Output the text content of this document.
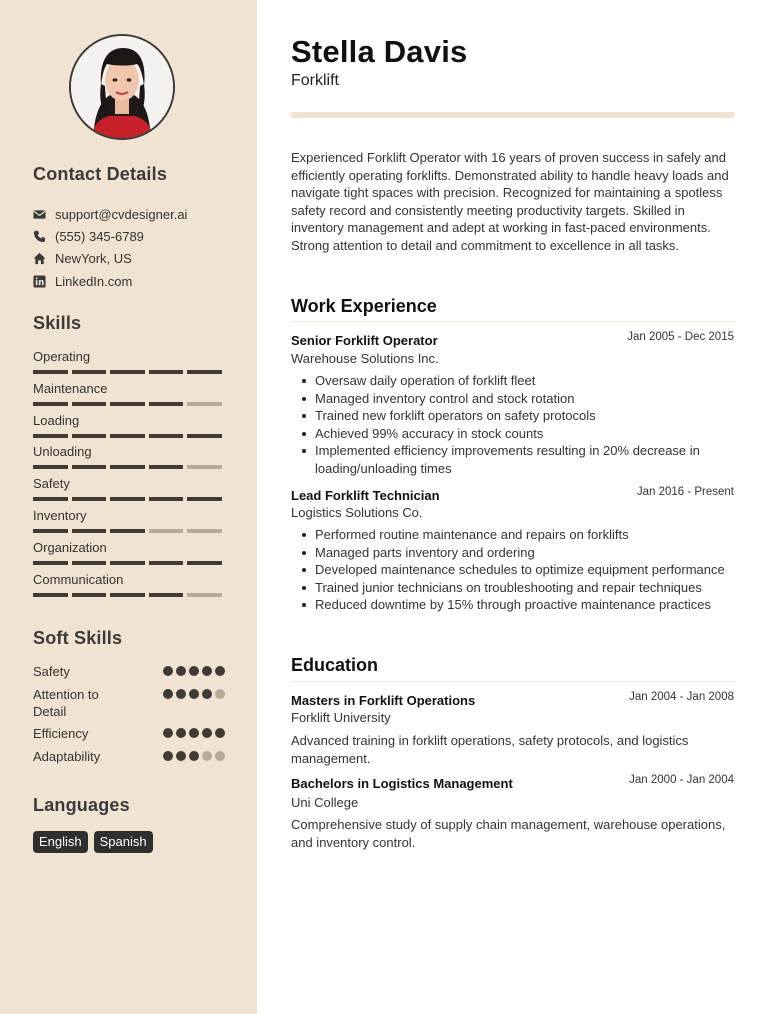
Contact Details
support@cvdesigner.ai
(555) 345-6789
NewYork, US
LinkedIn.com
Skills
Operating
Maintenance
Loading
Unloading
Safety
Inventory
Organization
Communication
Soft Skills
Safety
Attention to Detail
Efficiency
Adaptability
Languages
English	Spanish
Stella Davis
Forklift
Experienced Forklift Operator with 16 years of proven success in safely and efficiently operating forklifts. Demonstrated ability to handle heavy loads and navigate tight spaces with precision. Recognized for maintaining a spotless safety record and consistently meeting productivity targets. Skilled in inventory management and adept at working in fast-paced environments. Strong attention to detail and commitment to excellence in all tasks.
Work Experience
Senior Forklift Operator	Jan 2005 - Dec 2015
Warehouse Solutions Inc.
Oversaw daily operation of forklift fleet
Managed inventory control and stock rotation
Trained new forklift operators on safety protocols
Achieved 99% accuracy in stock counts
Implemented efficiency improvements resulting in 20% decrease in loading/unloading times
Lead Forklift Technician	Jan 2016 - Present
Logistics Solutions Co.
Performed routine maintenance and repairs on forklifts
Managed parts inventory and ordering
Developed maintenance schedules to optimize equipment performance
Trained junior technicians on troubleshooting and repair techniques
Reduced downtime by 15% through proactive maintenance practices
Education
Masters in Forklift Operations	Jan 2004 - Jan 2008
Forklift University
Advanced training in forklift operations, safety protocols, and logistics management.
Bachelors in Logistics Management	Jan 2000 - Jan 2004
Uni College
Comprehensive study of supply chain management, warehouse operations, and inventory control.
